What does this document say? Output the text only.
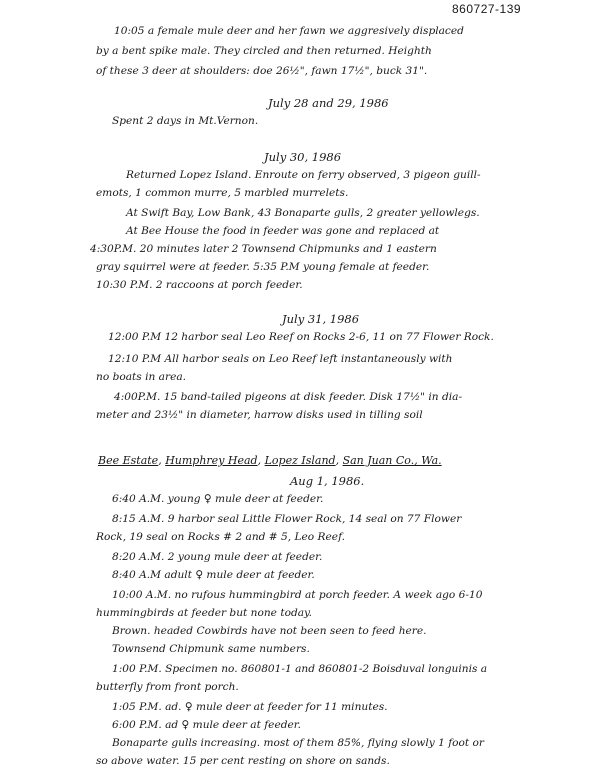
860727-139
10:05 a female mule deer and her fawn we aggresively displaced
by a bent spike male. They circled and then returned. Heighth
of these 3 deer at shoulders: doe 26½", fawn 17½", buck 31".
July 28 and 29, 1986
Spent 2 days in Mt.Vernon.
July 30, 1986
Returned Lopez Island. Enroute on ferry observed, 3 pigeon guill-
emots, 1 common murre, 5 marbled murrelets.
At Swift Bay, Low Bank, 43 Bonaparte gulls, 2 greater yellowlegs.
At Bee House the food in feeder was gone and replaced at
4:30P.M. 20 minutes later 2 Townsend Chipmunks and 1 eastern
gray squirrel were at feeder. 5:35 P.M young female at feeder.
10:30 P.M. 2 raccoons at porch feeder.
July 31, 1986
12:00 P.M 12 harbor seal Leo Reef on Rocks 2-6, 11 on 77 Flower Rock.
12:10 P.M All harbor seals on Leo Reef left instantaneously with
no boats in area.
4:00P.M. 15 band-tailed pigeons at disk feeder. Disk 17½" in dia-
meter and 23½" in diameter, harrow disks used in tilling soil
Bee Estate, Humphrey Head, Lopez Island, San Juan Co., Wa.
Aug 1, 1986.
6:40 A.M. young ♀ mule deer at feeder.
8:15 A.M. 9 harbor seal Little Flower Rock, 14 seal on 77 Flower
Rock, 19 seal on Rocks # 2 and # 5, Leo Reef.
8:20 A.M. 2 young mule deer at feeder.
8:40 A.M adult ♀ mule deer at feeder.
10:00 A.M. no rufous hummingbird at porch feeder. A week ago 6-10
hummingbirds at feeder but none today.
Brown. headed Cowbirds have not been seen to feed here.
Townsend Chipmunk same numbers.
1:00 P.M. Specimen no. 860801-1 and 860801-2 Boisduval longuinis a
butterfly from front porch.
1:05 P.M. ad. ♀ mule deer at feeder for 11 minutes.
6:00 P.M. ad ♀ mule deer at feeder.
Bonaparte gulls increasing. most of them 85%, flying slowly 1 foot or
so above water. 15 per cent resting on shore on sands.
